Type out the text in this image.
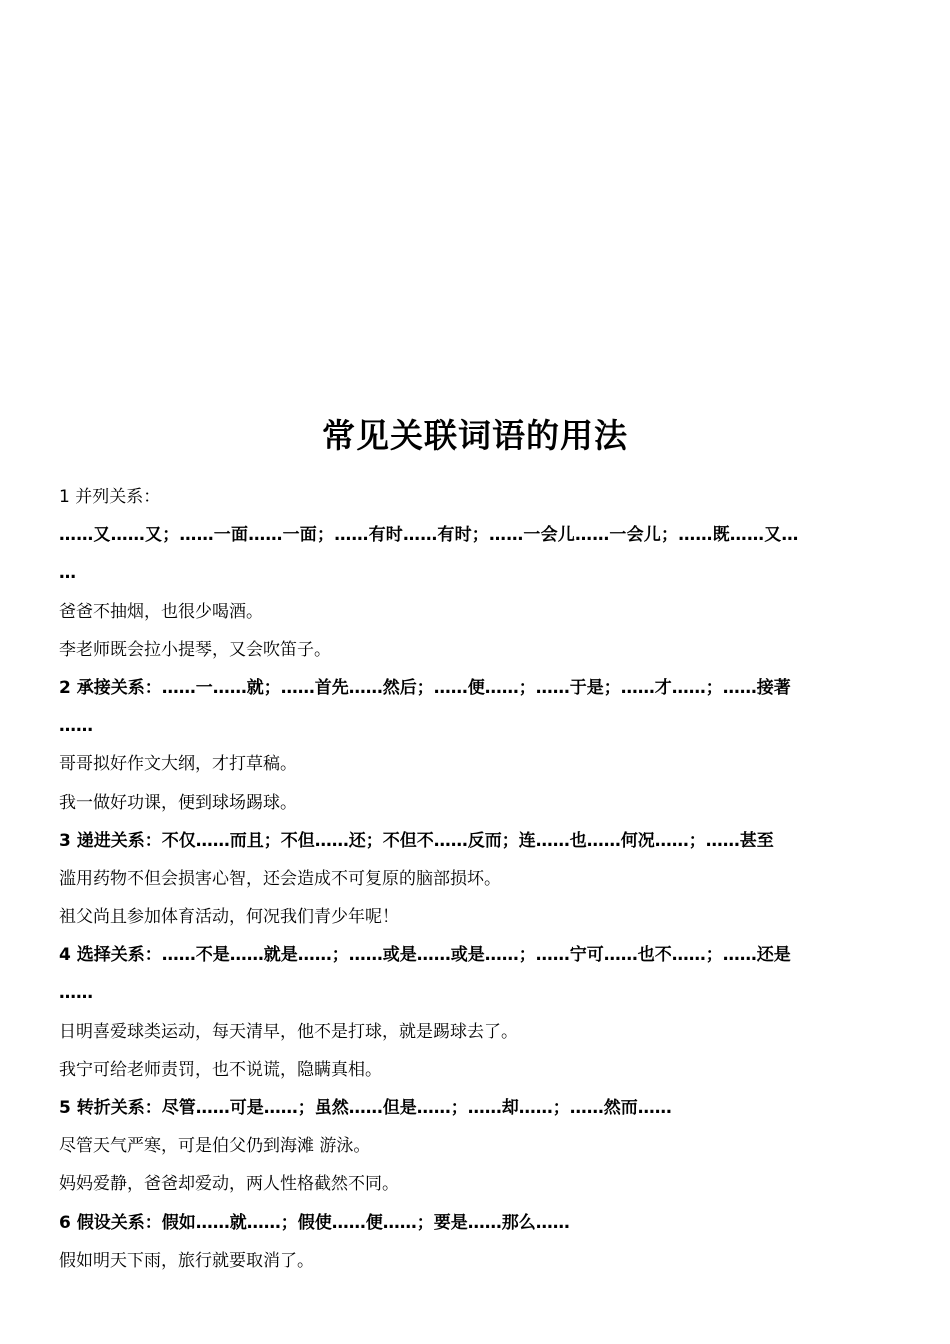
常见关联词语的用法
1 并列关系：
……又……又；……一面……一面；……有时……有时；……一会儿……一会儿；……既……又…
…
爸爸不抽烟，也很少喝酒。
李老师既会拉小提琴，又会吹笛子。
2 承接关系：……一……就；……首先……然后；……便……；……于是；……才……；……接著
……
哥哥拟好作文大纲，才打草稿。
我一做好功课，便到球场踢球。
3 递进关系：不仅……而且；不但……还；不但不……反而；连……也……何况……；……甚至
滥用药物不但会损害心智，还会造成不可复原的脑部损坏。
祖父尚且参加体育活动，何况我们青少年呢！
4 选择关系：……不是……就是……；……或是……或是……；……宁可……也不……；……还是
……
日明喜爱球类运动，每天清早，他不是打球，就是踢球去了。
我宁可给老师责罚，也不说谎，隐瞒真相。
5 转折关系：尽管……可是……；虽然……但是……；……却……；……然而……
尽管天气严寒，可是伯父仍到海滩 游泳。
妈妈爱静，爸爸却爱动，两人性格截然不同。
6 假设关系：假如……就……；假使……便……；要是……那么……
假如明天下雨，旅行就要取消了。
